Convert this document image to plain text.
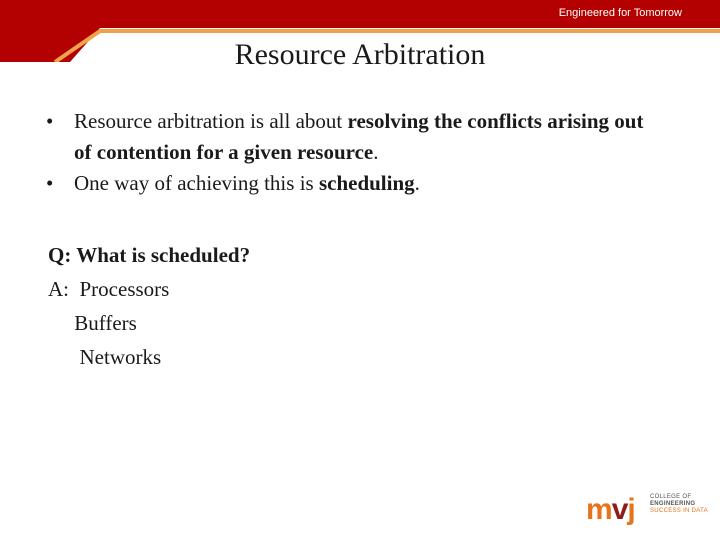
Engineered for Tomorrow
Resource Arbitration
• Resource arbitration is all about resolving the conflicts arising out of contention for a given resource.
• One way of achieving this is scheduling.
Q: What is scheduled?
A:  Processors
Buffers
Networks
mvj	COLLEGE OF
ENGINEERING
SUCCESS IN DATA
